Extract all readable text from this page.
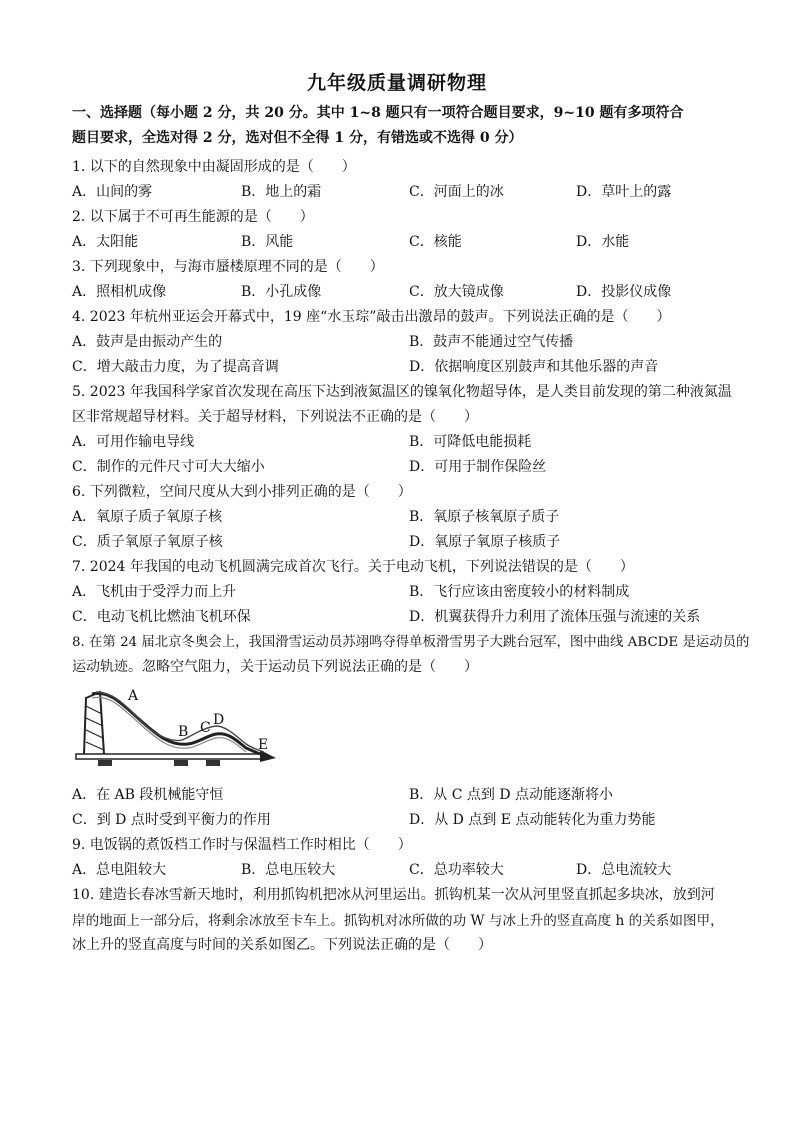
九年级质量调研物理
一、选择题（每小题 2 分，共 20 分。其中 1~8 题只有一项符合题目要求，9~10 题有多项符合
题目要求，全选对得 2 分，选对但不全得 1 分，有错选或不选得 0 分）
1. 以下的自然现象中由凝固形成的是（　　）
A．山间的雾	B．地上的霜	C．河面上的冰	D．草叶上的露
2. 以下属于不可再生能源的是（　　）
A．太阳能	B．风能	C．核能	D．水能
3. 下列现象中，与海市蜃楼原理不同的是（　　）
A．照相机成像	B．小孔成像	C．放大镜成像	D．投影仪成像
4. 2023 年杭州亚运会开幕式中，19 座“水玉琮”敲击出激昂的鼓声。下列说法正确的是（　　）
A．鼓声是由振动产生的	B．鼓声不能通过空气传播
C．增大敲击力度，为了提高音调	D．依据响度区别鼓声和其他乐器的声音
5. 2023 年我国科学家首次发现在高压下达到液氮温区的镍氧化物超导体，是人类目前发现的第二种液氮温
区非常规超导材料。关于超导材料，下列说法不正确的是（　　）
A．可用作输电导线	B．可降低电能损耗
C．制作的元件尺寸可大大缩小	D．可用于制作保险丝
6. 下列微粒，空间尺度从大到小排列正确的是（　　）
A．氧原子质子氧原子核	B．氧原子核氧原子质子
C．质子氧原子氧原子核	D．氧原子氧原子核质子
7. 2024 年我国的电动飞机圆满完成首次飞行。关于电动飞机，下列说法错误的是（　　）
A．飞机由于受浮力而上升	B．飞行应该由密度较小的材料制成
C．电动飞机比燃油飞机环保	D．机翼获得升力利用了流体压强与流速的关系
8. 在第 24 届北京冬奥会上，我国滑雪运动员苏翊鸣夺得单板滑雪男子大跳台冠军，图中曲线 ABCDE 是运动员的
运动轨迹。忽略空气阻力，关于运动员下列说法正确的是（　　）
A
B C D
E
A．在 AB 段机械能守恒	B．从 C 点到 D 点动能逐渐将小
C．到 D 点时受到平衡力的作用	D．从 D 点到 E 点动能转化为重力势能
9. 电饭锅的煮饭档工作时与保温档工作时相比（　　）
A．总电阻较大	B．总电压较大	C．总功率较大	D．总电流较大
10. 建造长春冰雪新天地时，利用抓钩机把冰从河里运出。抓钩机某一次从河里竖直抓起多块冰，放到河
岸的地面上一部分后，将剩余冰放至卡车上。抓钩机对冰所做的功 W 与冰上升的竖直高度 h 的关系如图甲，
冰上升的竖直高度与时间的关系如图乙。下列说法正确的是（　　）
